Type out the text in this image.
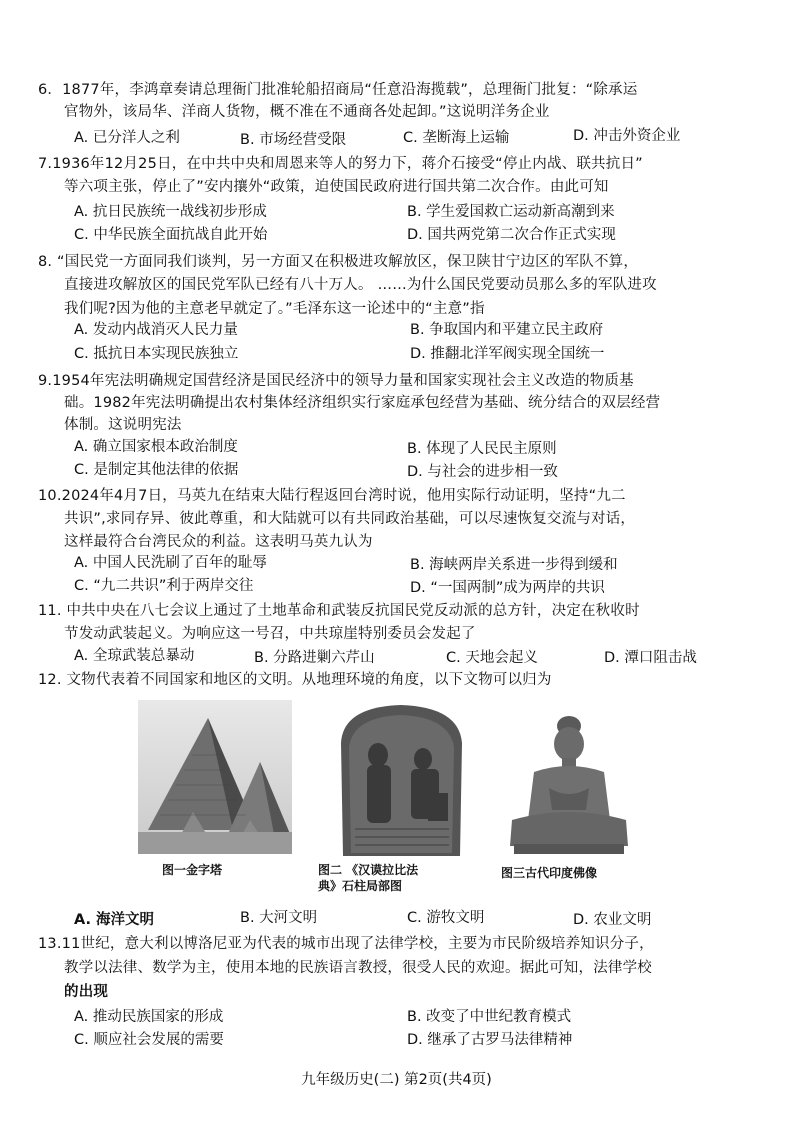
6．1877年，李鸿章奏请总理衙门批准轮船招商局“任意沿海揽载”，总理衙门批复：“除承运
官物外，该局华、洋商人货物，概不准在不通商各处起卸。”这说明洋务企业
A. 已分洋人之利	B. 市场经营受限	C. 垄断海上运输	D. 冲击外资企业
7.1936年12月25日，在中共中央和周恩来等人的努力下，蒋介石接受“停止内战、联共抗日”
等六项主张，停止了”安内攘外“政策，迫使国民政府进行国共第二次合作。由此可知
A. 抗日民族统一战线初步形成	B. 学生爱国救亡运动新高潮到来
C. 中华民族全面抗战自此开始	D. 国共两党第二次合作正式实现
8. “国民党一方面同我们谈判，另一方面又在积极进攻解放区，保卫陕甘宁边区的军队不算，
直接进攻解放区的国民党军队已经有八十万人。 ……为什么国民党要动员那么多的军队进攻
我们呢?因为他的主意老早就定了。”毛泽东这一论述中的“主意”指
A. 发动内战消灭人民力量	B. 争取国内和平建立民主政府
C. 抵抗日本实现民族独立	D. 推翻北洋军阀实现全国统一
9.1954年宪法明确规定国营经济是国民经济中的领导力量和国家实现社会主义改造的物质基
础。1982年宪法明确提出农村集体经济组织实行家庭承包经营为基础、统分结合的双层经营
体制。这说明宪法
A. 确立国家根本政治制度	B. 体现了人民民主原则
C. 是制定其他法律的依据	D. 与社会的进步相一致
10.2024年4月7日，马英九在结束大陆行程返回台湾时说，他用实际行动证明，坚持“九二
共识”,求同存异、彼此尊重，和大陆就可以有共同政治基础，可以尽速恢复交流与对话，
这样最符合台湾民众的利益。这表明马英九认为
A. 中国人民洗刷了百年的耻辱	B. 海峡两岸关系进一步得到缓和
C. “九二共识”利于两岸交往	D. “一国两制”成为两岸的共识
11. 中共中央在八七会议上通过了土地革命和武装反抗国民党反动派的总方针，决定在秋收时
节发动武装起义。为响应这一号召，中共琼崖特别委员会发起了
A. 全琼武装总暴动	B. 分路进剿六芹山	C. 天地会起义	D. 潭口阻击战
12. 文物代表着不同国家和地区的文明。从地理环境的角度，以下文物可以归为
图一金字塔	图二 《汉谟拉比法
典》石柱局部图
图三古代印度佛像
A. 海洋文明	B. 大河文明	C. 游牧文明	D. 农业文明
13.11世纪，意大利以博洛尼亚为代表的城市出现了法律学校，主要为市民阶级培养知识分子，
教学以法律、数学为主，使用本地的民族语言教授，很受人民的欢迎。据此可知，法律学校
的出现
A. 推动民族国家的形成	B. 改变了中世纪教育模式
C. 顺应社会发展的需要	D. 继承了古罗马法律精神
九年级历史(二) 第2页(共4页)
